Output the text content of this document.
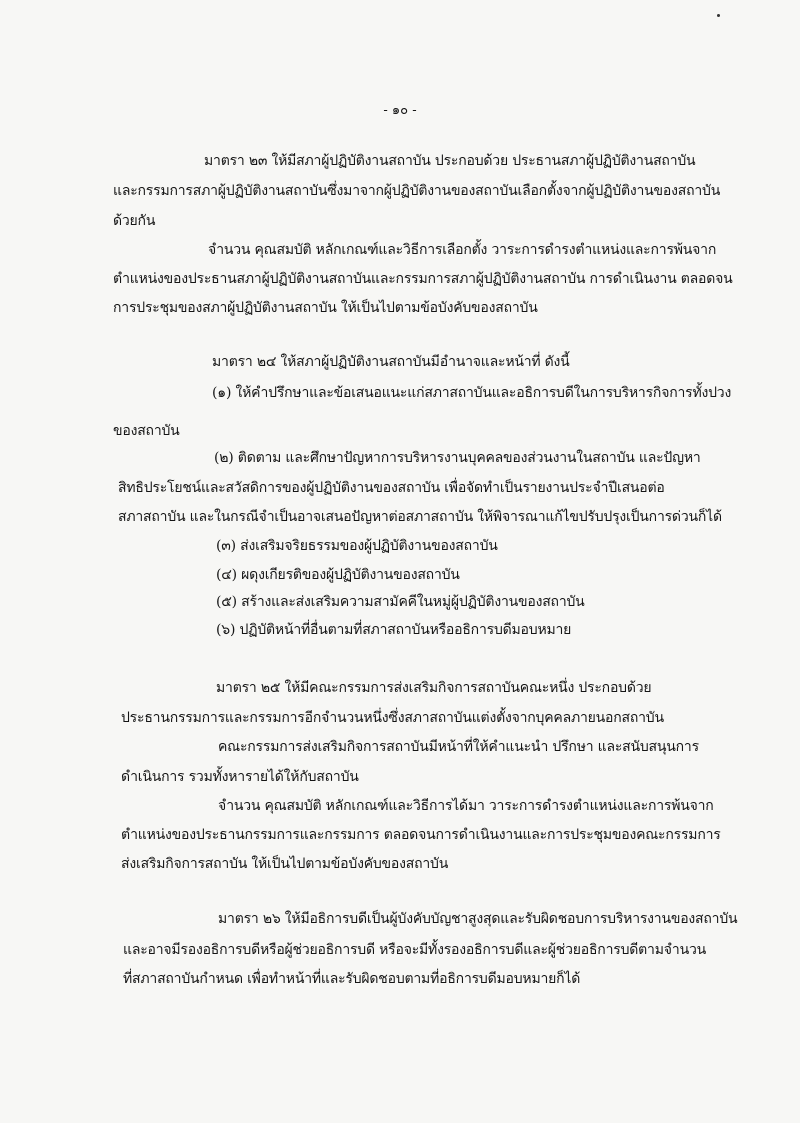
- ๑๐ -
มาตรา ๒๓ ให้มีสภาผู้ปฏิบัติงานสถาบัน ประกอบด้วย ประธานสภาผู้ปฏิบัติงานสถาบัน
และกรรมการสภาผู้ปฏิบัติงานสถาบันซึ่งมาจากผู้ปฏิบัติงานของสถาบันเลือกตั้งจากผู้ปฏิบัติงานของสถาบัน
ด้วยกัน
จำนวน คุณสมบัติ หลักเกณฑ์และวิธีการเลือกตั้ง วาระการดำรงตำแหน่งและการพ้นจาก
ตำแหน่งของประธานสภาผู้ปฏิบัติงานสถาบันและกรรมการสภาผู้ปฏิบัติงานสถาบัน การดำเนินงาน ตลอดจน
การประชุมของสภาผู้ปฏิบัติงานสถาบัน ให้เป็นไปตามข้อบังคับของสถาบัน
มาตรา ๒๔ ให้สภาผู้ปฏิบัติงานสถาบันมีอำนาจและหน้าที่ ดังนี้
(๑) ให้คำปรึกษาและข้อเสนอแนะแก่สภาสถาบันและอธิการบดีในการบริหารกิจการทั้งปวง
ของสถาบัน
(๒) ติดตาม และศึกษาปัญหาการบริหารงานบุคคลของส่วนงานในสถาบัน และปัญหา
สิทธิประโยชน์และสวัสดิการของผู้ปฏิบัติงานของสถาบัน เพื่อจัดทำเป็นรายงานประจำปีเสนอต่อ
สภาสถาบัน และในกรณีจำเป็นอาจเสนอปัญหาต่อสภาสถาบัน ให้พิจารณาแก้ไขปรับปรุงเป็นการด่วนก็ได้
(๓) ส่งเสริมจริยธรรมของผู้ปฏิบัติงานของสถาบัน
(๔) ผดุงเกียรติของผู้ปฏิบัติงานของสถาบัน
(๕) สร้างและส่งเสริมความสามัคคีในหมู่ผู้ปฏิบัติงานของสถาบัน
(๖) ปฏิบัติหน้าที่อื่นตามที่สภาสถาบันหรืออธิการบดีมอบหมาย
มาตรา ๒๕ ให้มีคณะกรรมการส่งเสริมกิจการสถาบันคณะหนึ่ง ประกอบด้วย
ประธานกรรมการและกรรมการอีกจำนวนหนึ่งซึ่งสภาสถาบันแต่งตั้งจากบุคคลภายนอกสถาบัน
คณะกรรมการส่งเสริมกิจการสถาบันมีหน้าที่ให้คำแนะนำ ปรึกษา และสนับสนุนการ
ดำเนินการ รวมทั้งหารายได้ให้กับสถาบัน
จำนวน คุณสมบัติ หลักเกณฑ์และวิธีการได้มา วาระการดำรงตำแหน่งและการพ้นจาก
ตำแหน่งของประธานกรรมการและกรรมการ ตลอดจนการดำเนินงานและการประชุมของคณะกรรมการ
ส่งเสริมกิจการสถาบัน ให้เป็นไปตามข้อบังคับของสถาบัน
มาตรา ๒๖ ให้มีอธิการบดีเป็นผู้บังคับบัญชาสูงสุดและรับผิดชอบการบริหารงานของสถาบัน
และอาจมีรองอธิการบดีหรือผู้ช่วยอธิการบดี หรือจะมีทั้งรองอธิการบดีและผู้ช่วยอธิการบดีตามจำนวน
ที่สภาสถาบันกำหนด เพื่อทำหน้าที่และรับผิดชอบตามที่อธิการบดีมอบหมายก็ได้
